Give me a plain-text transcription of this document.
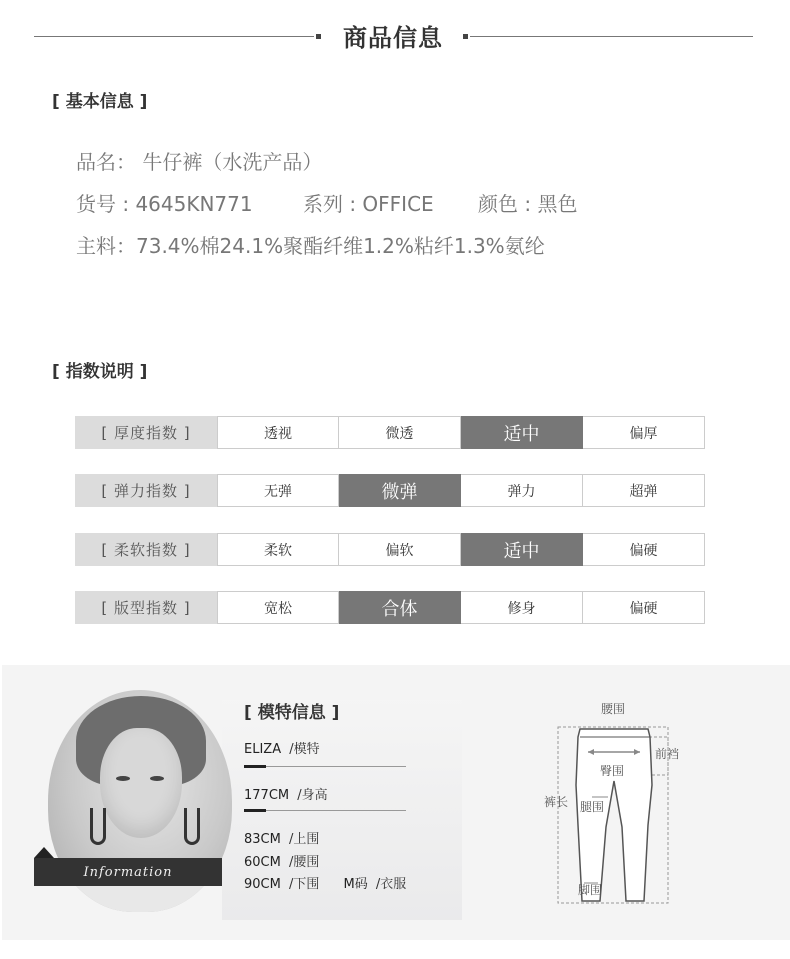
商品信息
[ 基本信息 ]
品名： 牛仔裤（水洗产品）
货号 : 4645KN771	系列 : OFFICE 颜色 : 黑色
主料：73.4%棉24.1%聚酯纤维1.2%粘纤1.3%氨纶
[ 指数说明 ]
[ 厚度指数 ]	透视	微透	适中	偏厚
[ 弹力指数 ]	无弹	微弹	弹力	超弹
[ 柔软指数 ]	柔软	偏软	适中	偏硬
[ 版型指数 ]	宽松	合体	修身	偏硬
Information
[ 模特信息 ]
ELIZA /模特
177CM /身高
83CM /上围
60CM /腰围
90CM /下围 M码 /衣服
腰围
前裆
臀围
裤长 腿围
脚围
